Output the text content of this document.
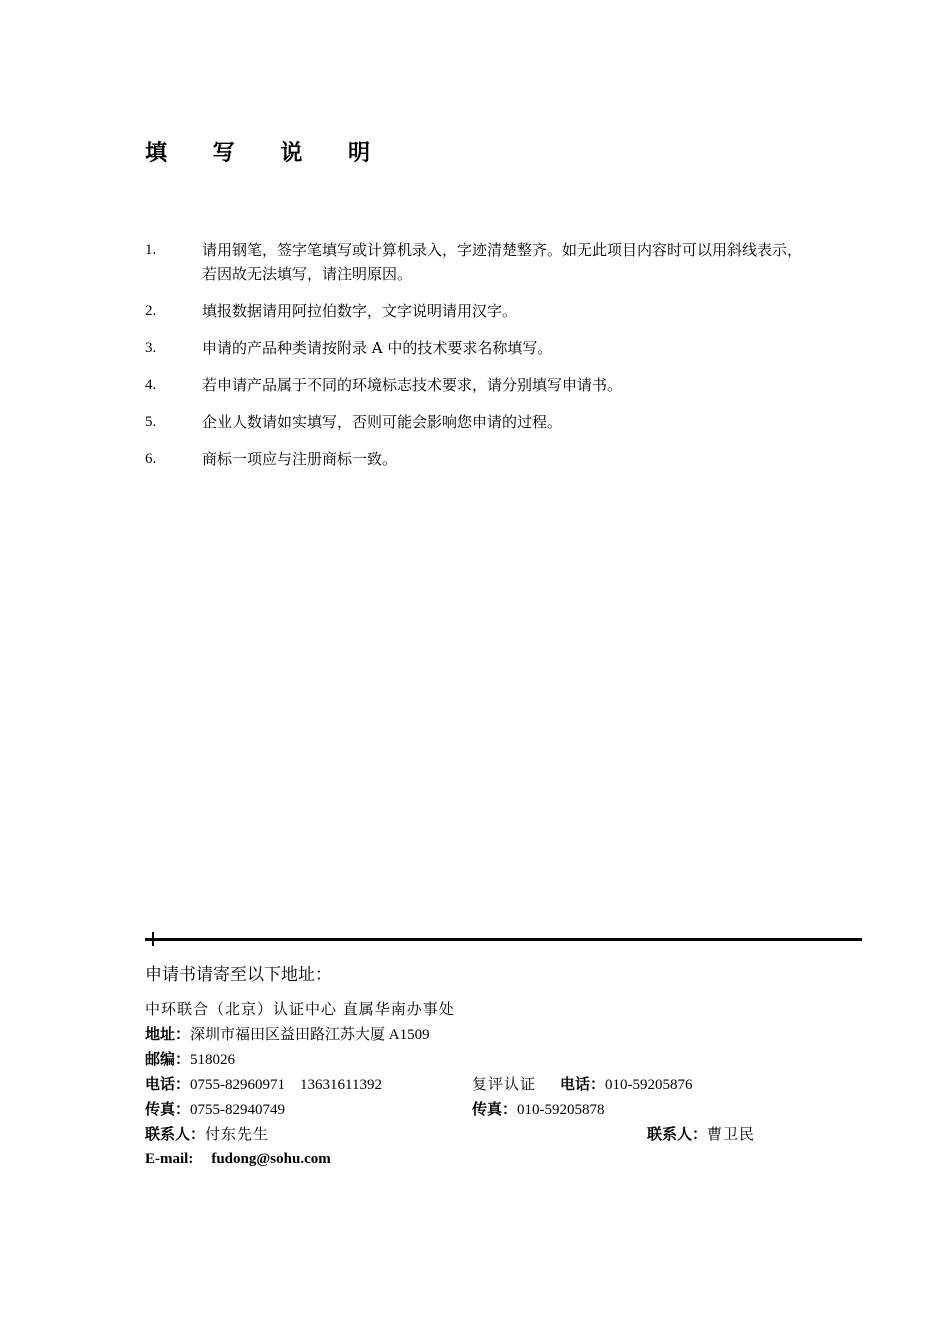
填 写 说 明
1.	请用钢笔，签字笔填写或计算机录入，字迹清楚整齐。如无此项目内容时可以用斜线表示，若因故无法填写，请注明原因。
2.	填报数据请用阿拉伯数字，文字说明请用汉字。
3.	申请的产品种类请按附录 A 中的技术要求名称填写。
4.	若申请产品属于不同的环境标志技术要求，请分别填写申请书。
5.	企业人数请如实填写，否则可能会影响您申请的过程。
6.	商标一项应与注册商标一致。
申请书请寄至以下地址：
中环联合（北京）认证中心 直属华南办事处
地址：深圳市福田区益田路江苏大厦 A1509
邮编：518026
电话：0755-82960971　13631611392	复评认证 电话：010-59205876
传真：0755-82940749	传真：010-59205878
联系人：付东先生	联系人：曹卫民
E-mail: fudong@sohu.com
